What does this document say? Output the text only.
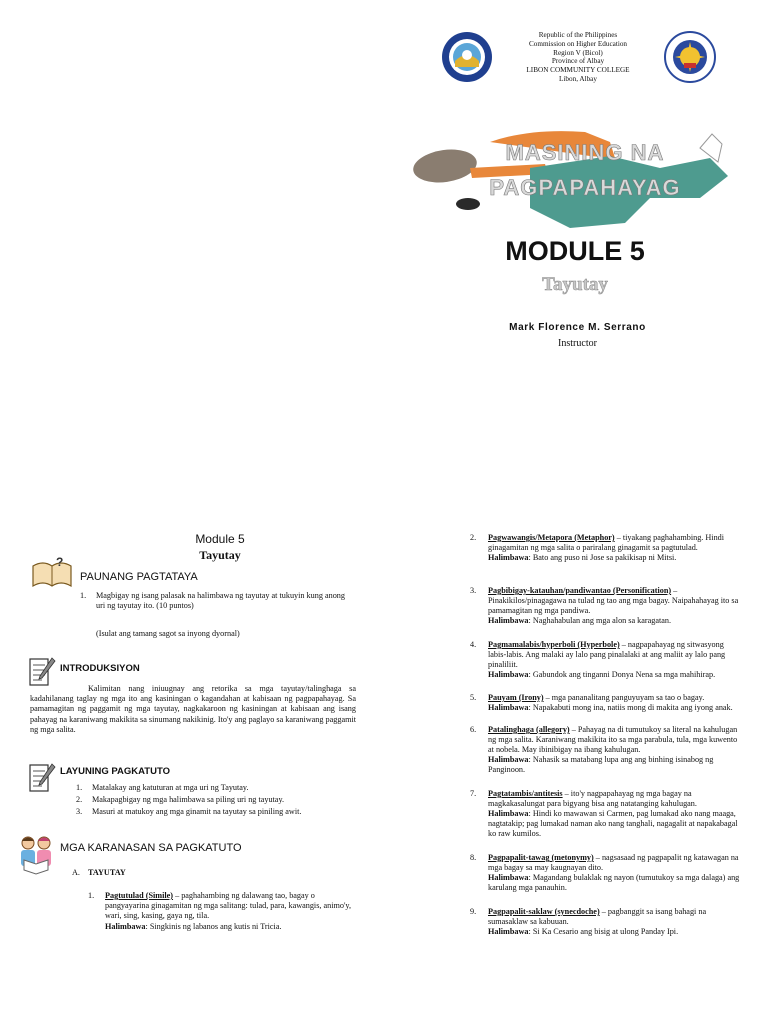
Republic of the Philippines
Commission on Higher Education
Region V (Bicol)
Province of Albay
LIBON COMMUNITY COLLEGE
Libon, Albay
MASINING NA
PAGPAPAHAYAG
MODULE 5
Tayutay
Mark Florence M. Serrano
Instructor
Module 5
Tayutay
?
PAUNANG PAGTATAYA
1. Magbigay ng isang palasak na halimbawa ng tayutay at tukuyin kung anong uri ng tayutay ito. (10 puntos)
(Isulat ang tamang sagot sa inyong dyornal)
INTRODUKSIYON
Kalimitan nang iniuugnay ang retorika sa mga tayutay/talinghaga sa kadahilanang taglay ng mga ito ang kasiningan o kagandahan at kabisaan ng pagpapahayag. Sa pamamagitan ng paggamit ng mga tayutay, nagkakaroon ng kasiningan at kabisaan ang isang pahayag na karaniwang makikita sa sinumang nakikinig. Ito'y ang paglayo sa karaniwang paggamit ng mga salita.
LAYUNING PAGKATUTO
1. Matalakay ang katuturan at mga uri ng Tayutay.
2. Makapagbigay ng mga halimbawa sa piling uri ng tayutay.
3. Masuri at matukoy ang mga ginamit na tayutay sa piniling awit.
MGA KARANASAN SA PAGKATUTO
A. TAYUTAY
1. Pagtutulad (Simile) – paghahambing ng dalawang tao, bagay o pangyayarina ginagamitan ng mga salitang: tulad, para, kawangis, animo'y, wari, sing, kasing, gaya ng, tila.
Halimbawa: Singkinis ng labanos ang kutis ni Tricia.
2.	Pagwawangis/Metapora (Metaphor) – tiyakang paghahambing. Hindi ginagamitan ng mga salita o pariralang ginagamit sa pagtutulad.
Halimbawa: Bato ang puso ni Jose sa pakikisap ni Mitsi.
3.	Pagbibigay-katauhan/pandiwantao (Personification) – Pinakikilos/pinagagawa na tulad ng tao ang mga bagay. Naipahahayag ito sa pamamagitan ng mga pandiwa.
Halimbawa: Naghahabulan ang mga alon sa karagatan.
4.	Pagmamalabis/hyperboli (Hyperbole) – nagpapahayag ng sitwasyong labis-labis. Ang malaki ay lalo pang pinalalaki at ang maliit ay lalo pang pinaliliit.
Halimbawa: Gabundok ang tinganni Donya Nena sa mga mahihirap.
5.	Pauyam (Irony) – mga pananalitang panguyuyam sa tao o bagay.
Halimbawa: Napakabuti mong ina, natiis mong di makita ang iyong anak.
6.	Patalinghaga (allegory) – Pahayag na di tumutukoy sa literal na kahulugan ng mga salita. Karaniwang makikita ito sa mga parabula, tula, mga kuwento at nobela. May ibinibigay na ibang kahulugan.
Halimbawa: Nahasik sa matabang lupa ang ang binhing isinabog ng Panginoon.
7.	Pagtatambis/antitesis – ito'y nagpapahayag ng mga bagay na magkakasalungat para bigyang bisa ang natatanging kahulugan.
Halimbawa: Hindi ko mawawan si Carmen, pag lumakad ako nang maaga, nagtatakip; pag lumakad naman ako nang tanghali, nagagalit at napakabagal ko raw kumilos.
8.	Pagpapalit-tawag (metonymy) – nagsasaad ng pagpapalit ng katawagan na mga bagay sa may kaugnayan dito.
Halimbawa: Magandang bulaklak ng nayon (tumutukoy sa mga dalaga) ang karulang mga panauhin.
9.	Pagpapalit-saklaw (synecdoche) – pagbanggit sa isang bahagi na sumasaklaw sa kabuuan.
Halimbawa: Si Ka Cesario ang bisig at ulong Panday Ipi.
